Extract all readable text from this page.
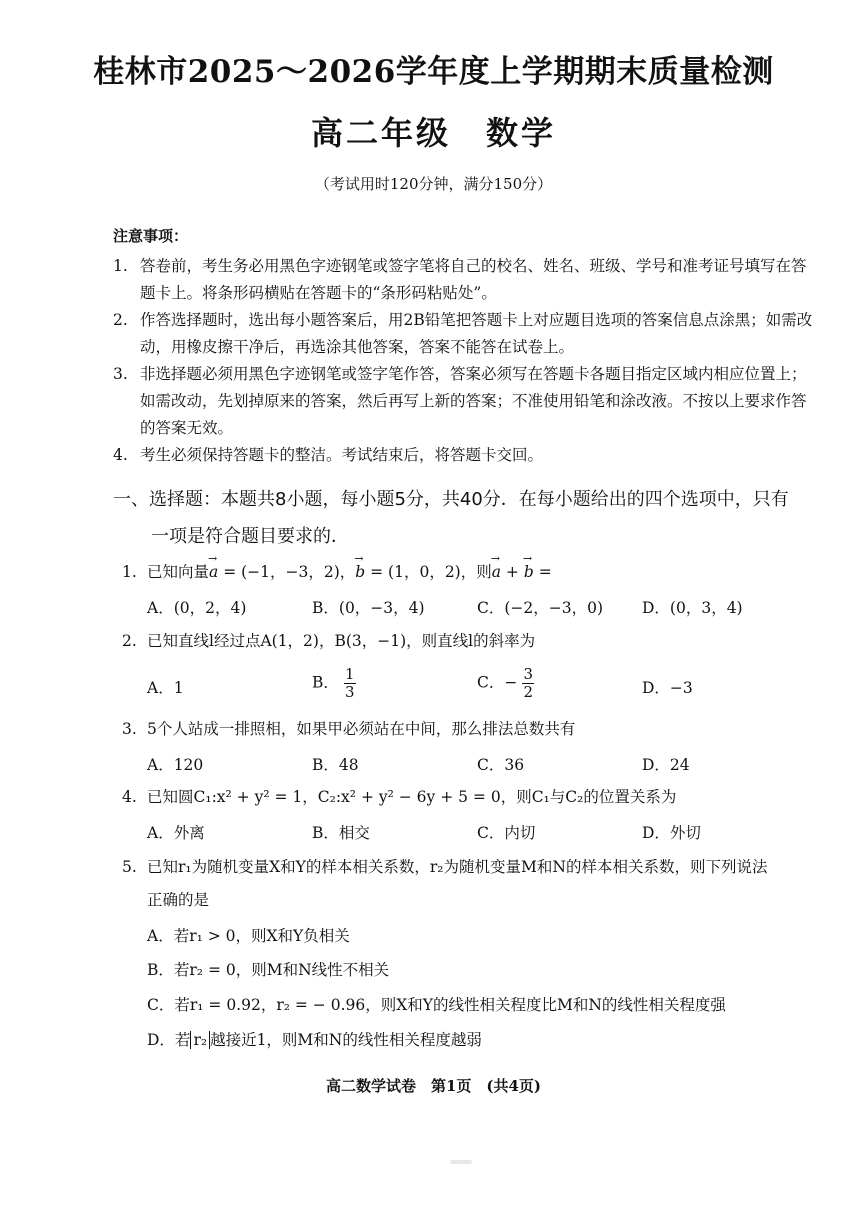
桂林市2025～2026学年度上学期期末质量检测
高二年级　数学
（考试用时120分钟，满分150分）
注意事项：

1. 答卷前，考生务必用黑色字迹钢笔或签字笔将自己的校名、姓名、班级、学号和准考证号填写在答题卡上。将条形码横贴在答题卡的“条形码粘贴处”。

2. 作答选择题时，选出每小题答案后，用2B铅笔把答题卡上对应题目选项的答案信息点涂黑；如需改动，用橡皮擦干净后，再选涂其他答案，答案不能答在试卷上。

3. 非选择题必须用黑色字迹钢笔或签字笔作答，答案必须写在答题卡各题目指定区域内相应位置上；如需改动，先划掉原来的答案，然后再写上新的答案；不准使用铅笔和涂改液。不按以上要求作答的答案无效。

4. 考生必须保持答题卡的整洁。考试结束后，将答题卡交回。

一、选择题：本题共8小题，每小题5分，共40分．在每小题给出的四个选项中，只有
一项是符合题目要求的．
1. 已知向量→ a = (−1，−3，2)，→ b = (1，0，2)，则→ a + → b =
A．(0，2，4)	B．(0，−3，4)	C．(−2，−3，0)	D．(0，3，4)
2. 已知直线l经过点A(1，2)，B(3，−1)，则直线l的斜率为
A．1	B． $\frac{1}{3}$	C．− $\frac{3}{2}$	D．−3
3. 5个人站成一排照相，如果甲必须站在中间，那么排法总数共有
A．120	B．48	C．36	D．24
4. 已知圆C₁:x² + y² = 1，C₂:x² + y² − 6y + 5 = 0，则C₁与C₂的位置关系为
A．外离	B．相交	C．内切	D．外切
5. 已知r₁为随机变量X和Y的样本相关系数，r₂为随机变量M和N的样本相关系数，则下列说法
正确的是
A．若r₁ > 0，则X和Y负相关
B．若r₂ = 0，则M和N线性不相关
C．若r₁ = 0.92，r₂ = − 0.96，则X和Y的线性相关程度比M和N的线性相关程度强
D．若 r₂ 越接近1，则M和N的线性相关程度越弱
高二数学试卷　第1页　(共4页)
